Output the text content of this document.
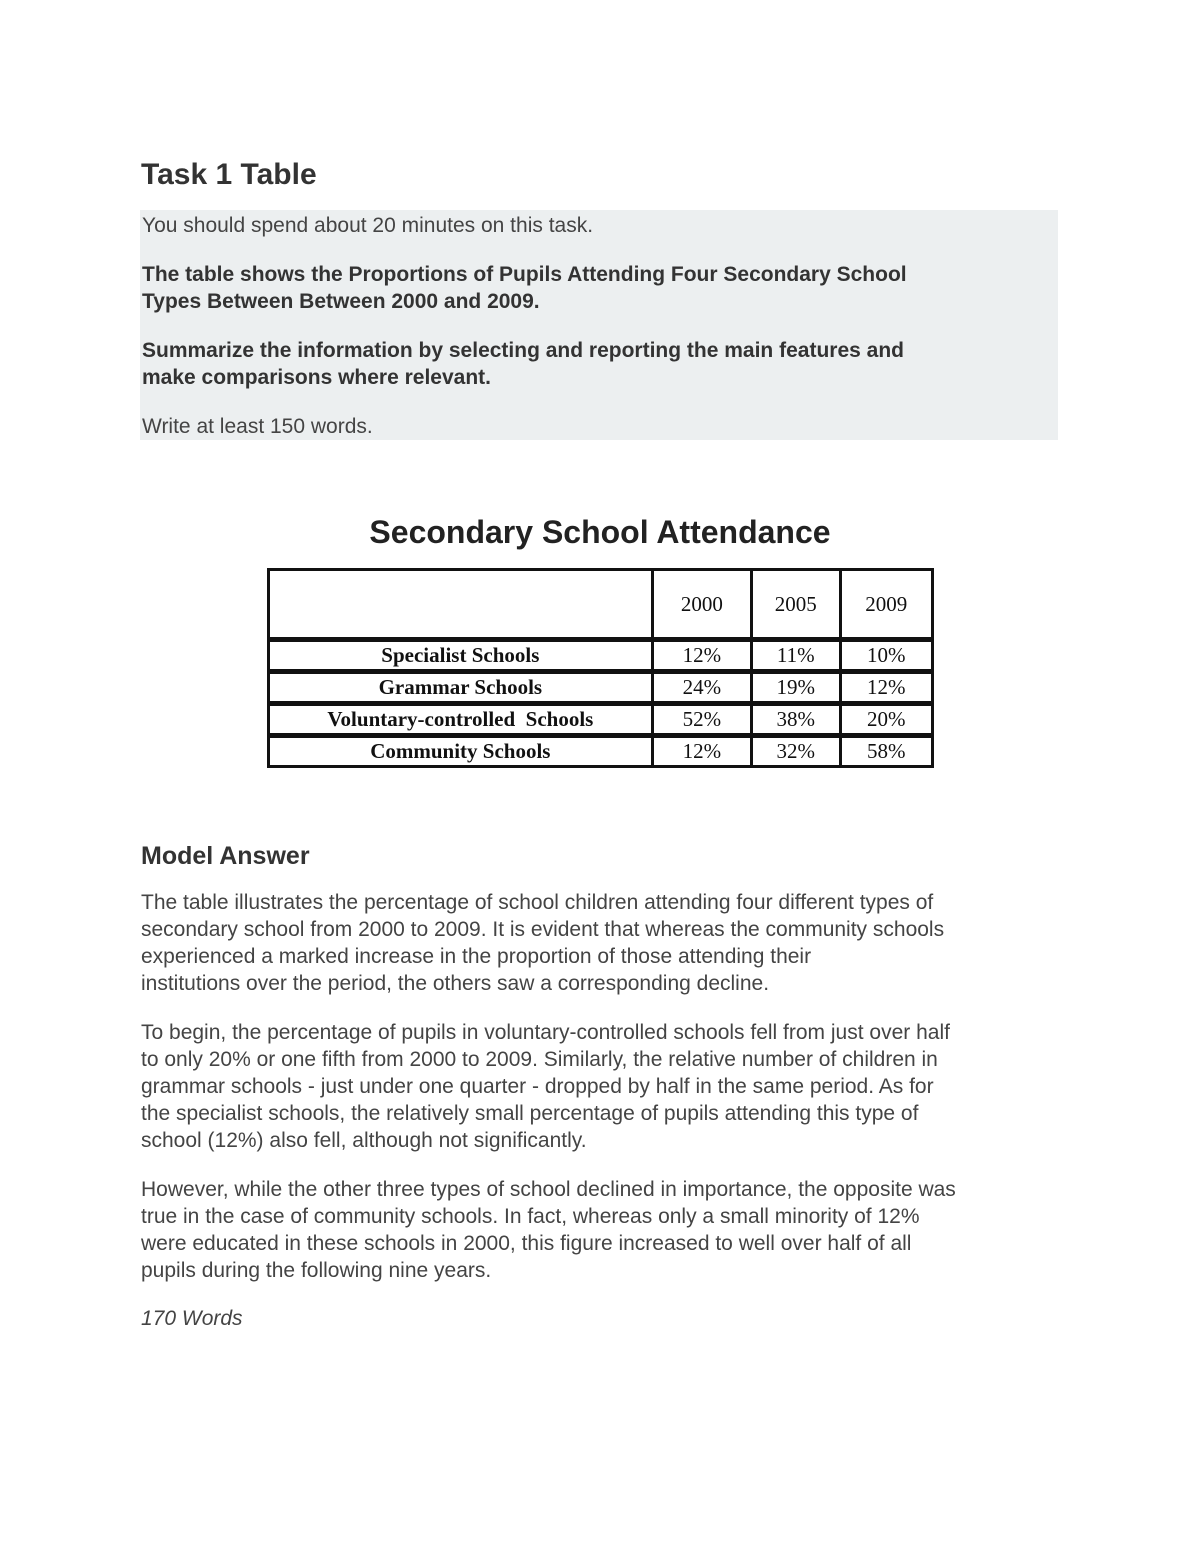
Task 1 Table
You should spend about 20 minutes on this task.
The table shows the Proportions of Pupils Attending Four Secondary School
Types Between Between 2000 and 2009.
Summarize the information by selecting and reporting the main features and
make comparisons where relevant.
Write at least 150 words.
Secondary School Attendance
	2000	2005	2009
Specialist Schools	12%	11%	10%
Grammar Schools	24%	19%	12%
Voluntary-controlled  Schools	52%	38%	20%
Community Schools	12%	32%	58%
Model Answer
The table illustrates the percentage of school children attending four different types of
secondary school from 2000 to 2009. It is evident that whereas the community schools
experienced a marked increase in the proportion of those attending their
institutions over the period, the others saw a corresponding decline.
To begin, the percentage of pupils in voluntary-controlled schools fell from just over half
to only 20% or one fifth from 2000 to 2009. Similarly, the relative number of children in
grammar schools - just under one quarter - dropped by half in the same period. As for
the specialist schools, the relatively small percentage of pupils attending this type of
school (12%) also fell, although not significantly.
However, while the other three types of school declined in importance, the opposite was
true in the case of community schools. In fact, whereas only a small minority of 12%
were educated in these schools in 2000, this figure increased to well over half of all
pupils during the following nine years.
170 Words
